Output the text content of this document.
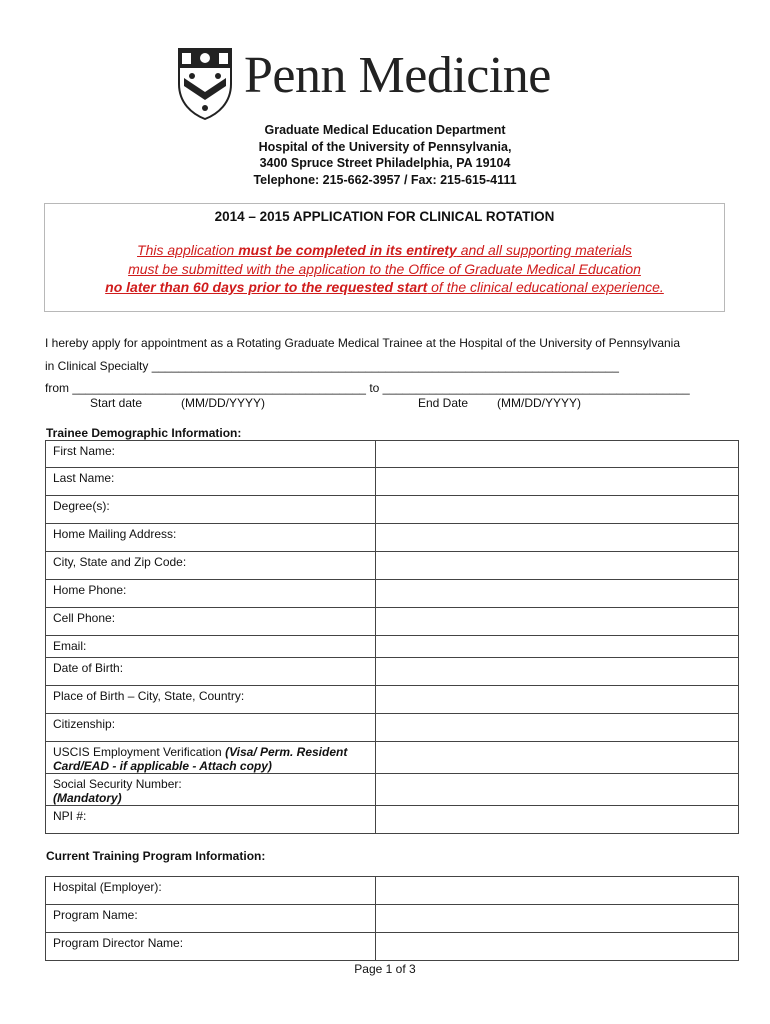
Penn Medicine
Graduate Medical Education Department
Hospital of the University of Pennsylvania,
3400 Spruce Street Philadelphia, PA 19104
Telephone: 215-662-3957 / Fax: 215-615-4111
2014 – 2015 APPLICATION FOR CLINICAL ROTATION
This application must be completed in its entirety and all supporting materials
must be submitted with the application to the Office of Graduate Medical Education
no later than 60 days prior to the requested start of the clinical educational experience.
I hereby apply for appointment as a Rotating Graduate Medical Trainee at the Hospital of the University of Pennsylvania
in Clinical Specialty ______________________________________________________________________
from ____________________________________________ to ______________________________________________
Start date	(MM/DD/YYYY)	End Date (MM/DD/YYYY)
Trainee Demographic Information:
First Name:	
Last Name:	
Degree(s):	
Home Mailing Address:	
City, State and Zip Code:	
Home Phone:	
Cell Phone:	
Email:	
Date of Birth:	
Place of Birth – City, State, Country:	
Citizenship:	
USCIS Employment Verification (Visa/ Perm. Resident Card/EAD - if applicable - Attach copy)	

Social Security Number:
(Mandatory)	

NPI #:	
Current Training Program Information:
Hospital (Employer):	
Program Name:	
Program Director Name:	
Page 1 of 3
